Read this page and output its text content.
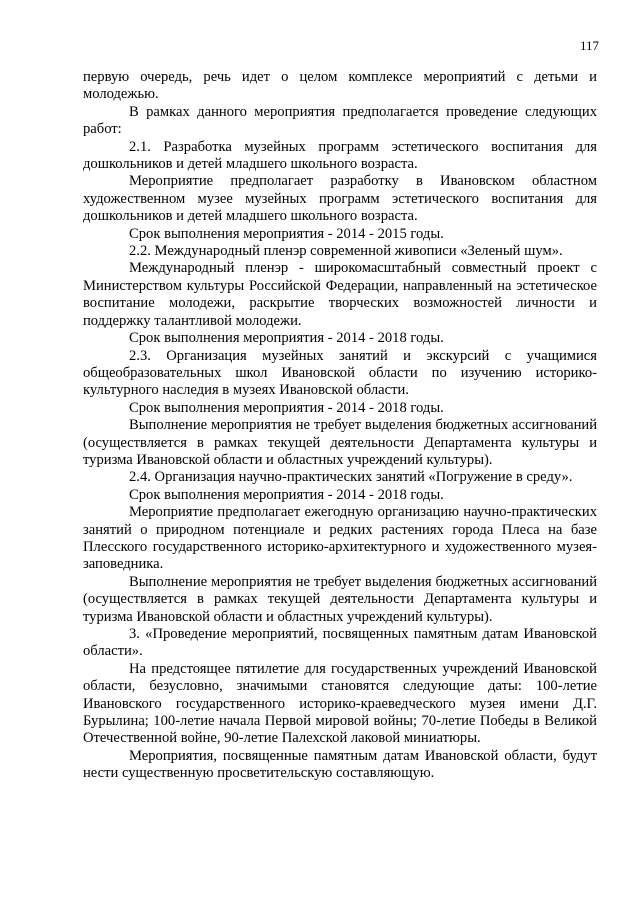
117

первую очередь, речь идет о целом комплексе мероприятий с детьми и молодежью.

В рамках данного мероприятия предполагается проведение следующих работ:

2.1. Разработка музейных программ эстетического воспитания для дошкольников и детей младшего школьного возраста.

Мероприятие предполагает разработку в Ивановском областном художественном музее музейных программ эстетического воспитания для дошкольников и детей младшего школьного возраста.

Срок выполнения мероприятия - 2014 - 2015 годы.

2.2. Международный пленэр современной живописи «Зеленый шум».

Международный пленэр - широкомасштабный совместный проект с Министерством культуры Российской Федерации, направленный на эстетическое воспитание молодежи, раскрытие творческих возможностей личности и поддержку талантливой молодежи.

Срок выполнения мероприятия - 2014 - 2018 годы.

2.3. Организация музейных занятий и экскурсий с учащимися общеобразовательных школ Ивановской области по изучению историко-культурного наследия в музеях Ивановской области.

Срок выполнения мероприятия - 2014 - 2018 годы.

Выполнение мероприятия не требует выделения бюджетных ассигнований (осуществляется в рамках текущей деятельности Департамента культуры и туризма Ивановской области и областных учреждений культуры).

2.4. Организация научно-практических занятий «Погружение в среду».

Срок выполнения мероприятия - 2014 - 2018 годы.

Мероприятие предполагает ежегодную организацию научно-практических занятий о природном потенциале и редких растениях города Плеса на базе Плесского государственного историко-архитектурного и художественного музея-заповедника.

Выполнение мероприятия не требует выделения бюджетных ассигнований (осуществляется в рамках текущей деятельности Департамента культуры и туризма Ивановской области и областных учреждений культуры).

3. «Проведение мероприятий, посвященных памятным датам Ивановской области».

На предстоящее пятилетие для государственных учреждений Ивановской области, безусловно, значимыми становятся следующие даты: 100-летие Ивановского государственного историко-краеведческого музея имени Д.Г. Бурылина; 100-летие начала Первой мировой войны; 70-летие Победы в Великой Отечественной войне, 90-летие Палехской лаковой миниатюры.

Мероприятия, посвященные памятным датам Ивановской области, будут нести существенную просветительскую составляющую.
